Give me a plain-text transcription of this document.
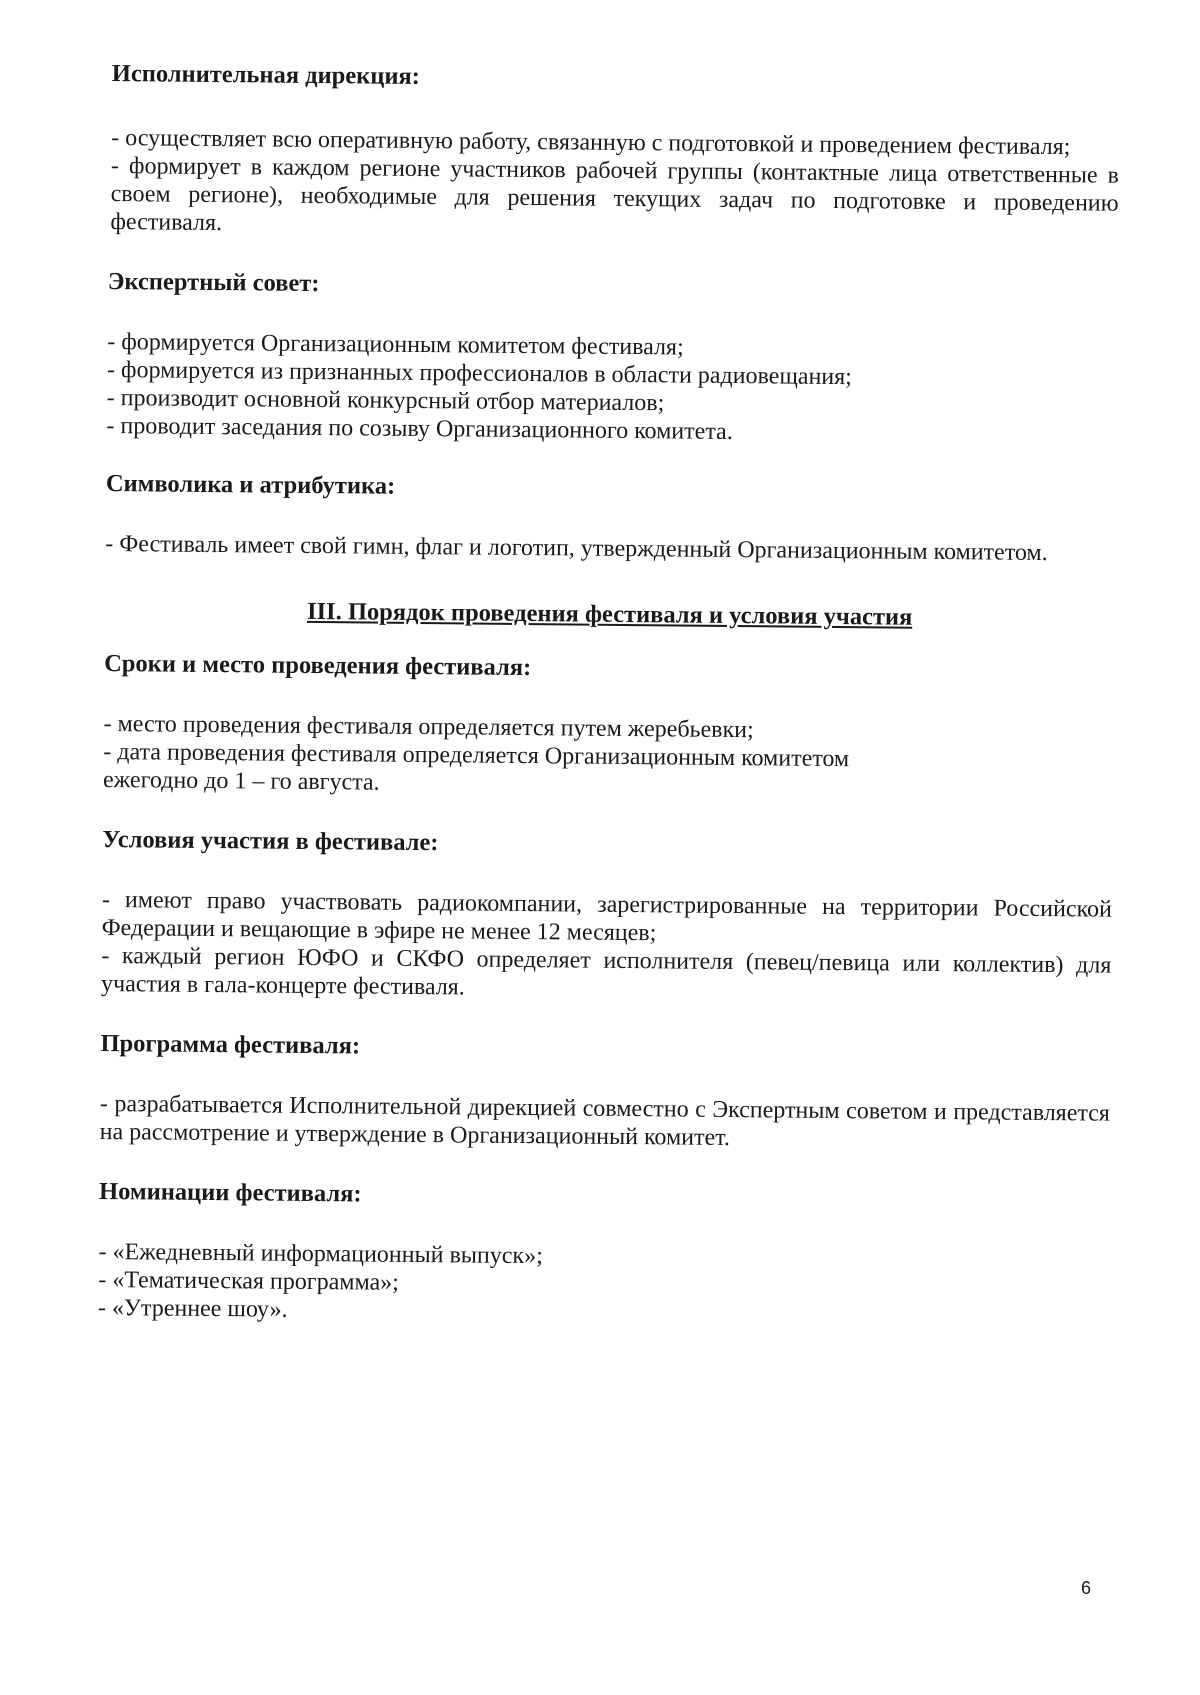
Исполнительная дирекция:

- осуществляет всю оперативную работу, связанную с подготовкой и проведением фестиваля;

- формирует в каждом регионе участников рабочей группы (контактные лица ответственные в своем регионе), необходимые для решения текущих задач по подготовке и проведению фестиваля.

Экспертный совет:

- формируется Организационным комитетом фестиваля;

- формируется из признанных профессионалов в области радиовещания;

- производит основной конкурсный отбор материалов;

- проводит заседания по созыву Организационного комитета.

Символика и атрибутика:

- Фестиваль имеет свой гимн, флаг и логотип, утвержденный Организационным комитетом.

III. Порядок проведения фестиваля и условия участия

Сроки и место проведения фестиваля:

- место проведения фестиваля определяется путем жеребьевки;

- дата проведения фестиваля определяется Организационным комитетом

ежегодно до 1 – го августа.

Условия участия в фестивале:

- имеют право участвовать радиокомпании, зарегистрированные на территории Российской Федерации и вещающие в эфире не менее 12 месяцев;

- каждый регион ЮФО и СКФО определяет исполнителя (певец/певица или коллектив) для участия в гала-концерте фестиваля.

Программа фестиваля:

- разрабатывается Исполнительной дирекцией совместно с Экспертным советом и представляется на рассмотрение и утверждение в Организационный комитет.

Номинации фестиваля:

- «Ежедневный информационный выпуск»;

- «Тематическая программа»;

- «Утреннее шоу».

6
